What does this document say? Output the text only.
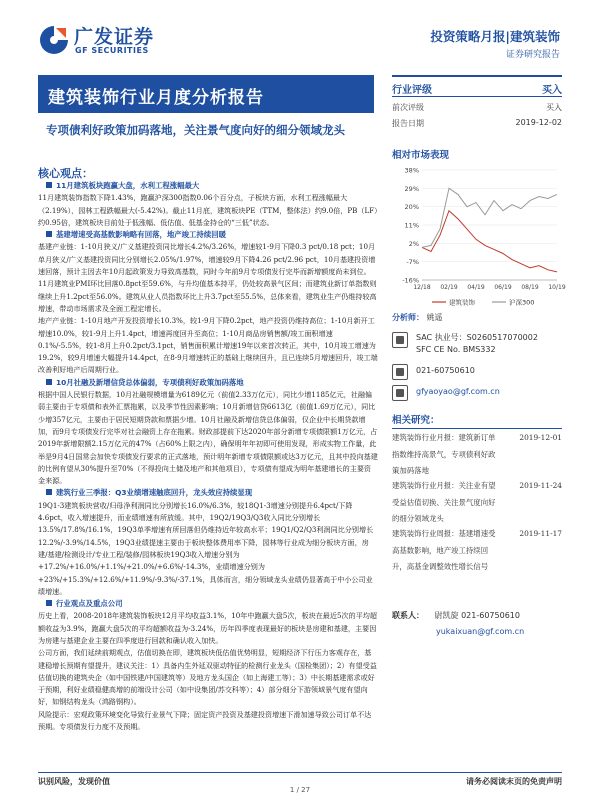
广发证券
GF SECURITIES
投资策略月报|建筑装饰
证券研究报告
建筑装饰行业月度分析报告
专项债利好政策加码落地，关注景气度向好的细分领域龙头
核心观点：
11月建筑板块跑赢大盘，水利工程涨幅最大
11月建筑装饰指数下降1.43%，跑赢沪深300指数0.06个百分点，子板块方面，水利工程涨幅最大（2.19%），园林工程跌幅最大(-5.42%)。截止11月底，建筑板块PE（TTM，整体法）约9.0倍，PB（LF）约0.95倍，建筑板块目前处于低涨幅、低估值、低基金持仓的“三低”状态。
基建增速受高基数影响略有回落，地产竣工持续回暖
基建产业链：1-10月狭义/广义基建投资同比增长4.2%/3.26%，增速较1-9月下降0.3 pct/0.18 pct；10月单月狭义/广义基建投资同比分别增长2.05%/1.97%，增速较9月下降4.26 pct/2.96 pct，10月基建投资增速回落，预计主因去年10月起政策发力导致高基数，同时今年前9月专项债发行完毕而新增额度尚未到位。11月建筑业PMI环比回落0.8pct至59.6%，与升均值基本持平，仍处较高景气区间；而建筑业新订单指数则继续上升1.2pct至56.0%。建筑从业人员指数环比上升3.7pct至55.5%，总体来看，建筑业生产仍维持较高增速，带动市场需求及全面工程定增长。
地产产业链：1-10月地产开发投资增长10.3%，较1-9月下降0.2pct，地产投资仍维持高位；1-10月新开工增速10.0%，较1-9月上升1.4pct，增速再度回升至高位；1-10月商品房销售额/竣工面积增速0.1%/-5.5%，较1-8月上升0.2pct/3.1pct，销售面积累计增速19年以来首次转正，其中，10月竣工增速为19.2%，较9月增速大幅提升14.4pct，在8-9月增速转正的基础上继续回升，且已连续5月增速回升，竣工端改善利好地产后周期行业。
10月社融及新增信贷总体偏弱，专项债利好政策加码落地
根据中国人民银行数据，10月社融规模增量为6189亿元（前值2.33万亿元），同比少增1185亿元，社融偏弱主要由于专项债和表外汇票拖累，以及季节性因素影响；10月新增信贷6613亿（前值1.69万亿元），同比少增357亿元，主要由于居民短期贷款和票据少增。10月社融及新增信贷总体偏弱，仅企业中长期贷款增加，而9月专项债发行完毕对社会融资上存在拖累。财政部提前下达2020年部分新增专项债限额1万亿元，占2019年新增限额2.15万亿元的47%（占60%上限之内），确保明年年初即可使用发现，形成实物工作量，此举是9月4日国常会加快专项债发行要求的正式落地，预计明年新增专项债限额或达3万亿元，且其中投向基建的比例有望从30%提升至70%（不得投向土储及地产和其他项目），专项债有望成为明年基建增长的主要资金来源。
建筑行业三季报：Q3业绩增速触底回升，龙头效应持续显现
19Q1-3建筑板块营收/归母净利润同比分别增长16.0%/6.3%，较18Q1-3增速分别提升6.4pct/下降4.6pct，收入增速提升，而业绩增速有所放缓。其中，19Q2/19Q3/Q3收入同比分别增长13.5%/17.8%/16.1%，19Q3单季增速有所回落但仍维持近年较高水平；19Q1/Q2/Q3利润同比分别增长12.2%/-3.9%/14.5%，19Q3业绩提速主要由于板块整体费用率下降，园林等行业成为细分板块方面，房建/基建/检测设计/专业工程/装修/园林板块19Q3收入增速分别为+17.2%/+16.0%/+1.1%/+21.0%/+6.6%/-14.3%，业绩增速分别为+23%/+15.3%/+12.6%/+11.9%/-9.3%/-37.1%，具体而言，细分领域龙头业绩仍显著高于中小公司业绩增速。
行业观点及重点公司
历史上看，2008-2018年建筑装饰板块12月平均收益3.1%，10年中跑赢大盘5次，板块在最近5次的平均超额收益为3.9%，跑赢大盘5次的平均超额收益为-3.24%，历年四季度表现最好的板块是房建和基建，主要因为房建与基建企业主要在四季度进行回款和确认收入加快。
公司方面，我们延续前期观点，估值切换在即，建筑板块低估值优势明显，短期经济下行压力客观存在，基建稳增长预期有望提升，建议关注：1）具备内生外延双驱动特征的检测行业龙头（国检集团）；2）有望受益估值切换的建筑央企（如中国铁建/中国建筑等）及地方龙头国企（如上海建工等）；3）中长期基建需求或好于预期，利好业绩稳健高增的前端设计公司（如中设集团/苏交科等）；4）部分细分下游领域景气度有望向好，如钢结构龙头（鸿路钢构）。
风险提示：宏观政策环境变化导致行业景气下降；固定资产投资及基建投资增速下滑加速导致公司订单不达预期。专项债发行力度不及预期。
行业评级	买入
前次评级	买入
报告日期	2019-12-02
相对市场表现
38%
29%
20%
11%
2%
-7%
-16%
12/18 02/19 04/19 06/19 08/19 10/19
建筑装饰	沪深300
分析师： 姚遥
SAC 执业号：S0260517070002
SFC CE No. BMS332
021-60750610
gfyaoyao@gf.com.cn
相关研究：
建筑装饰行业月报：建筑新订单指数维持高景气，专项债利好政策加码落地
2019-12-01
建筑装饰行业月报：关注业有望受益估值切换、关注景气度向好的细分领域龙头
2019-11-24
建筑装饰行业周报：基建增速受高基数影响，地产竣工持续回升，高基金调整效性增长信号
2019-11-17
联系人： 尉凯旋 021-60750610
yukaixuan@gf.com.cn
识别风险，发现价值	请务必阅读末页的免责声明
1 / 27
